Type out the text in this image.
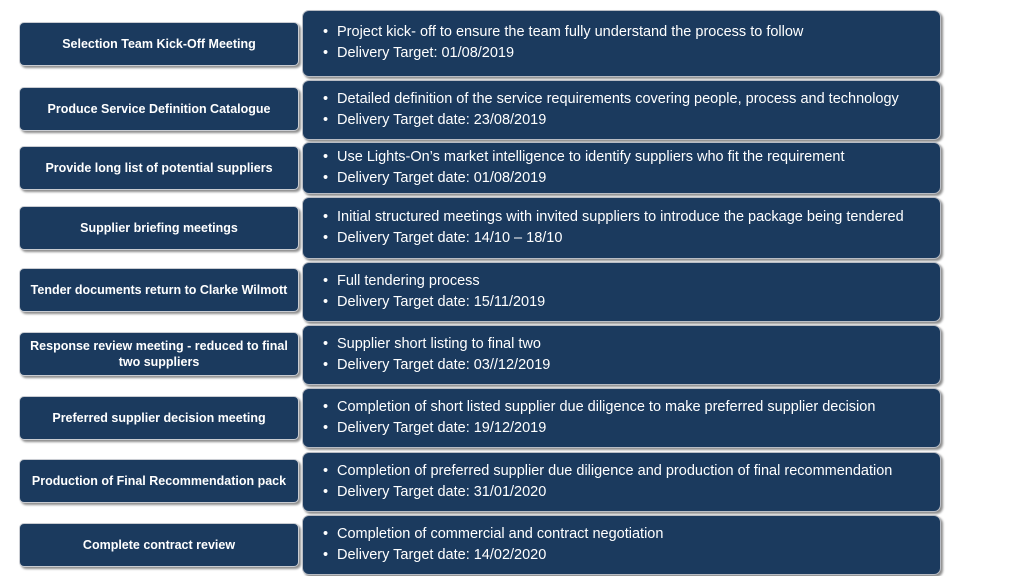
Selection Team Kick-Off Meeting
• Project kick- off to ensure the team fully understand the process to follow
• Delivery Target: 01/08/2019
Produce Service Definition Catalogue
• Detailed definition of the service requirements covering people, process and technology
• Delivery Target date: 23/08/2019
Provide long list of potential suppliers
• Use Lights-On’s market intelligence to identify suppliers who fit the requirement
• Delivery Target date: 01/08/2019
Supplier briefing meetings
• Initial structured meetings with invited suppliers to introduce the package being tendered
• Delivery Target date: 14/10 – 18/10
Tender documents return to Clarke Wilmott
• Full tendering process
• Delivery Target date: 15/11/2019
Response review meeting - reduced to final two suppliers
• Supplier short listing to final two
• Delivery Target date: 03//12/2019
Preferred supplier decision meeting
• Completion of short listed supplier due diligence to make preferred supplier decision
• Delivery Target date: 19/12/2019
Production of Final Recommendation pack
• Completion of preferred supplier due diligence and production of final recommendation
• Delivery Target date: 31/01/2020
Complete contract review
• Completion of commercial and contract negotiation
• Delivery Target date: 14/02/2020
